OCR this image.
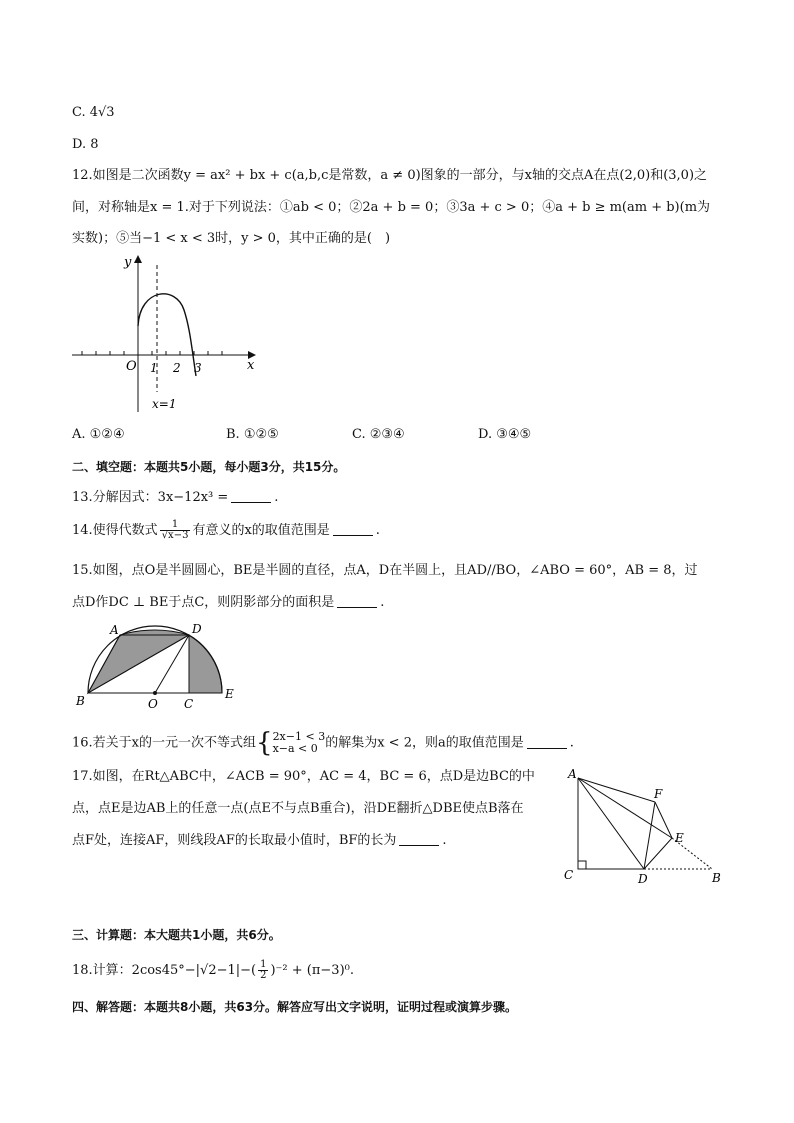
C. 4√3
D. 8
12.如图是二次函数y = ax² + bx + c(a,b,c是常数，a ≠ 0)图象的一部分，与x轴的交点A在点(2,0)和(3,0)之
间，对称轴是x = 1.对于下列说法：①ab < 0；②2a + b = 0；③3a + c > 0；④a + b ≥ m(am + b)(m为
实数)；⑤当−1 < x < 3时，y > 0，其中正确的是(　)
y
x
O 1 2 3
x=1
A. ①②④	B. ①②⑤	C. ②③④	D. ③④⑤
二、填空题：本题共5小题，每小题3分，共15分。
13.分解因式：3x−12x³ =	.
14.使得代数式 $\frac{1}{√x-3}$ 有意义的x的取值范围是	.
15.如图，点O是半圆圆心，BE是半圆的直径，点A，D在半圆上，且AD//BO，∠ABO = 60°，AB = 8，过
点D作DC ⊥ BE于点C，则阴影部分的面积是	.
A	D
B	O C
E
16.若关于x的一元一次不等式组{ 2x−1 < 3
x−a < 0 的解集为x < 2，则a的取值范围是	.
17.如图，在Rt△ABC中，∠ACB = 90°，AC = 4，BC = 6，点D是边BC的中
点，点E是边AB上的任意一点(点E不与点B重合)，沿DE翻折△DBE使点B落在
点F处，连接AF，则线段AF的长取最小值时，BF的长为	.
A
F
E
C	D	B
三、计算题：本大题共1小题，共6分。
18.计算：$2\cos 45^\circ-|√2-1|-( \frac{1}{2} )^{-2} + (\pi-3)^0$.
四、解答题：本题共8小题，共63分。解答应写出文字说明，证明过程或演算步骤。
